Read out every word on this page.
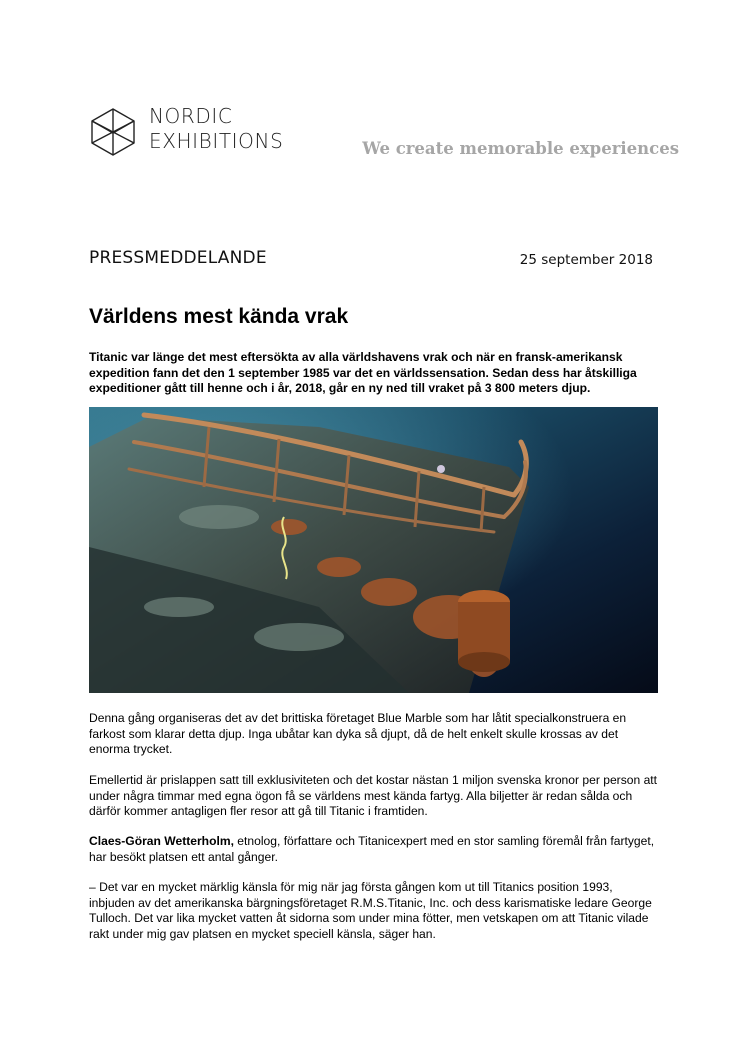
NORDIC
EXHIBITIONS	We create memorable experiences
PRESSMEDDELANDE	25 september 2018
Världens mest kända vrak
Titanic var länge det mest eftersökta av alla världshavens vrak och när en fransk-amerikansk expedition fann det den 1 september 1985 var det en världssensation. Sedan dess har åtskilliga expeditioner gått till henne och i år, 2018, går en ny ned till vraket på 3 800 meters djup.
Denna gång organiseras det av det brittiska företaget Blue Marble som har låtit specialkonstruera en farkost som klarar detta djup. Inga ubåtar kan dyka så djupt, då de helt enkelt skulle krossas av det enorma trycket.
Emellertid är prislappen satt till exklusiviteten och det kostar nästan 1 miljon svenska kronor per person att under några timmar med egna ögon få se världens mest kända fartyg. Alla biljetter är redan sålda och därför kommer antagligen fler resor att gå till Titanic i framtiden.
Claes-Göran Wetterholm, etnolog, författare och Titanicexpert med en stor samling föremål från fartyget, har besökt platsen ett antal gånger.
– Det var en mycket märklig känsla för mig när jag första gången kom ut till Titanics position 1993, inbjuden av det amerikanska bärgningsföretaget R.M.S.Titanic, Inc. och dess karismatiske ledare George Tulloch. Det var lika mycket vatten åt sidorna som under mina fötter, men vetskapen om att Titanic vilade rakt under mig gav platsen en mycket speciell känsla, säger han.
